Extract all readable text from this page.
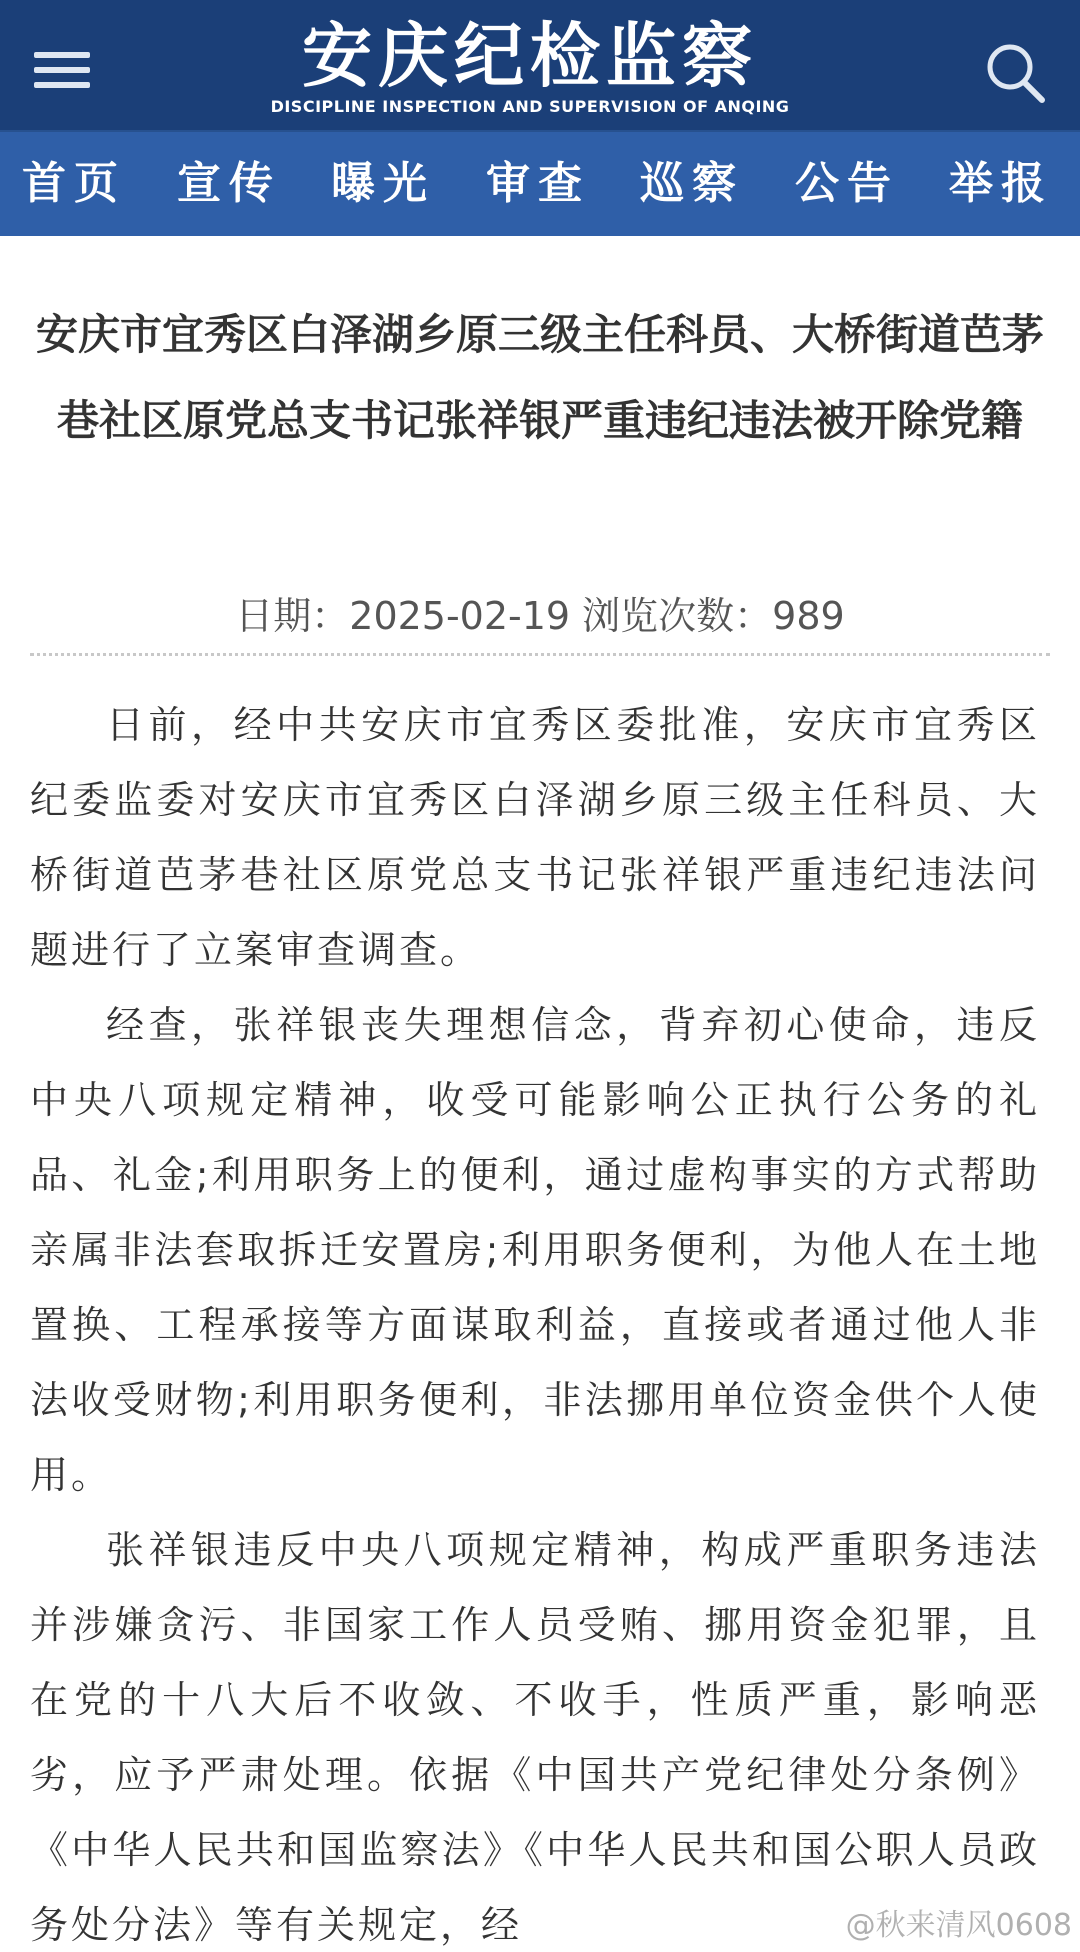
安庆纪检监察
DISCIPLINE INSPECTION AND SUPERVISION OF ANQING
首页 宣传 曝光 审查 巡察 公告 举报
安庆市宜秀区白泽湖乡原三级主任科员、大桥街道芭茅巷社区原党总支书记张祥银严重违纪违法被开除党籍
日期：2025-02-19 浏览次数：989

日前，经中共安庆市宜秀区委批准，安庆市宜秀区纪委监委对安庆市宜秀区白泽湖乡原三级主任科员、大桥街道芭茅巷社区原党总支书记张祥银严重违纪违法问题进行了立案审查调查。

经查，张祥银丧失理想信念，背弃初心使命，违反中央八项规定精神，收受可能影响公正执行公务的礼品、礼金;利用职务上的便利，通过虚构事实的方式帮助亲属非法套取拆迁安置房;利用职务便利，为他人在土地置换、工程承接等方面谋取利益，直接或者通过他人非法收受财物;利用职务便利，非法挪用单位资金供个人使用。

张祥银违反中央八项规定精神，构成严重职务违法并涉嫌贪污、非国家工作人员受贿、挪用资金犯罪，且在党的十八大后不收敛、不收手，性质严重，影响恶劣，应予严肃处理。依据《中国共产党纪律处分条例》《中华人民共和国监察法》《中华人民共和国公职人员政务处分法》等有关规定，经	@秋来清风0608
